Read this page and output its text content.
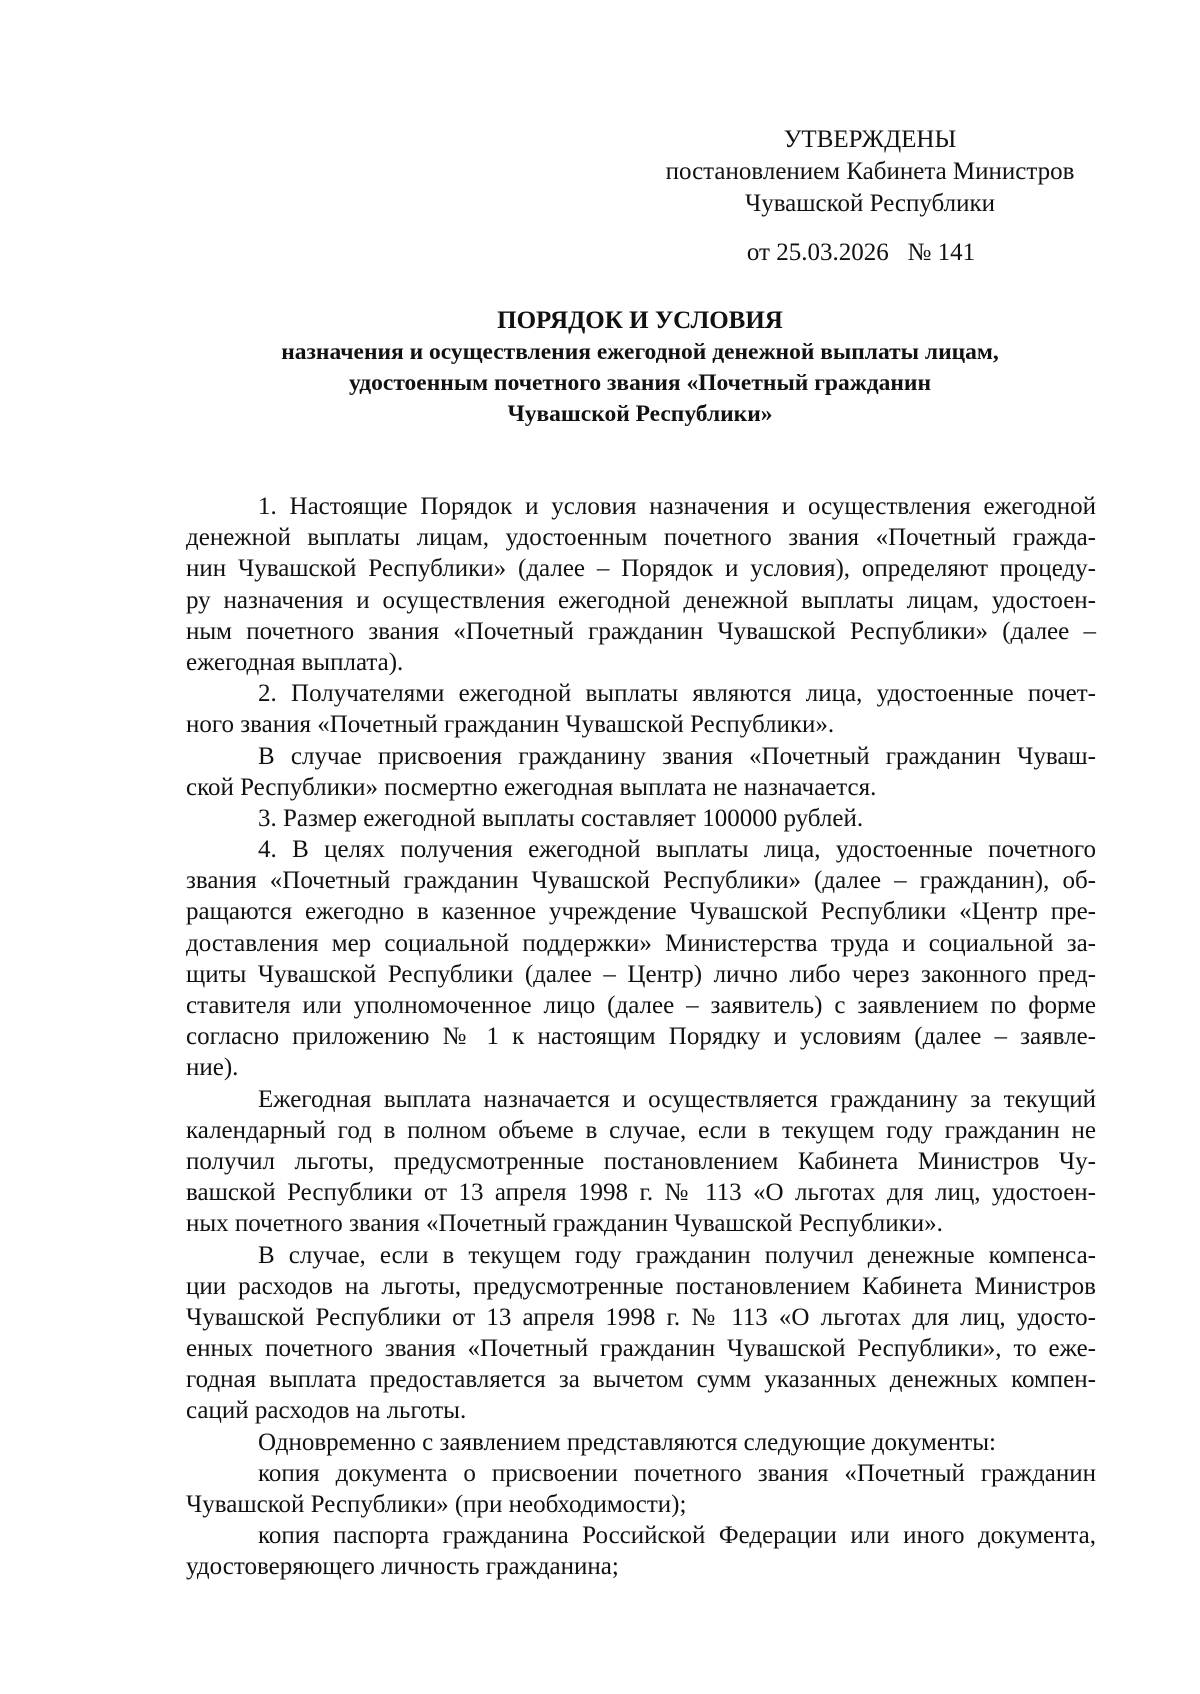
УТВЕРЖДЕНЫ
постановлением Кабинета Министров
Чувашской Республики
от 25.03.2026 № 141
ПОРЯДОК И УСЛОВИЯ
назначения и осуществления ежегодной денежной выплаты лицам,
удостоенным почетного звания «Почетный гражданин
Чувашской Республики»
1. Настоящие Порядок и условия назначения и осуществления ежегодной
денежной выплаты лицам, удостоенным почетного звания «Почетный гражда-
нин Чувашской Республики» (далее – Порядок и условия), определяют процеду-
ру назначения и осуществления ежегодной денежной выплаты лицам, удостоен-
ным почетного звания «Почетный гражданин Чувашской Республики» (далее –
ежегодная выплата).
2. Получателями ежегодной выплаты являются лица, удостоенные почет-
ного звания «Почетный гражданин Чувашской Республики».
В случае присвоения гражданину звания «Почетный гражданин Чуваш-
ской Республики» посмертно ежегодная выплата не назначается.
3. Размер ежегодной выплаты составляет 100000 рублей.
4. В целях получения ежегодной выплаты лица, удостоенные почетного
звания «Почетный гражданин Чувашской Республики» (далее – гражданин), об-
ращаются ежегодно в казенное учреждение Чувашской Республики «Центр пре-
доставления мер социальной поддержки» Министерства труда и социальной за-
щиты Чувашской Республики (далее – Центр) лично либо через законного пред-
ставителя или уполномоченное лицо (далее – заявитель) с заявлением по форме
согласно приложению № 1 к настоящим Порядку и условиям (далее – заявле-
ние).
Ежегодная выплата назначается и осуществляется гражданину за текущий
календарный год в полном объеме в случае, если в текущем году гражданин не
получил льготы, предусмотренные постановлением Кабинета Министров Чу-
вашской Республики от 13 апреля 1998 г. № 113 «О льготах для лиц, удостоен-
ных почетного звания «Почетный гражданин Чувашской Республики».
В случае, если в текущем году гражданин получил денежные компенса-
ции расходов на льготы, предусмотренные постановлением Кабинета Министров
Чувашской Республики от 13 апреля 1998 г. № 113 «О льготах для лиц, удосто-
енных почетного звания «Почетный гражданин Чувашской Республики», то еже-
годная выплата предоставляется за вычетом сумм указанных денежных компен-
саций расходов на льготы.
Одновременно с заявлением представляются следующие документы:
копия документа о присвоении почетного звания «Почетный гражданин
Чувашской Республики» (при необходимости);
копия паспорта гражданина Российской Федерации или иного документа,
удостоверяющего личность гражданина;
